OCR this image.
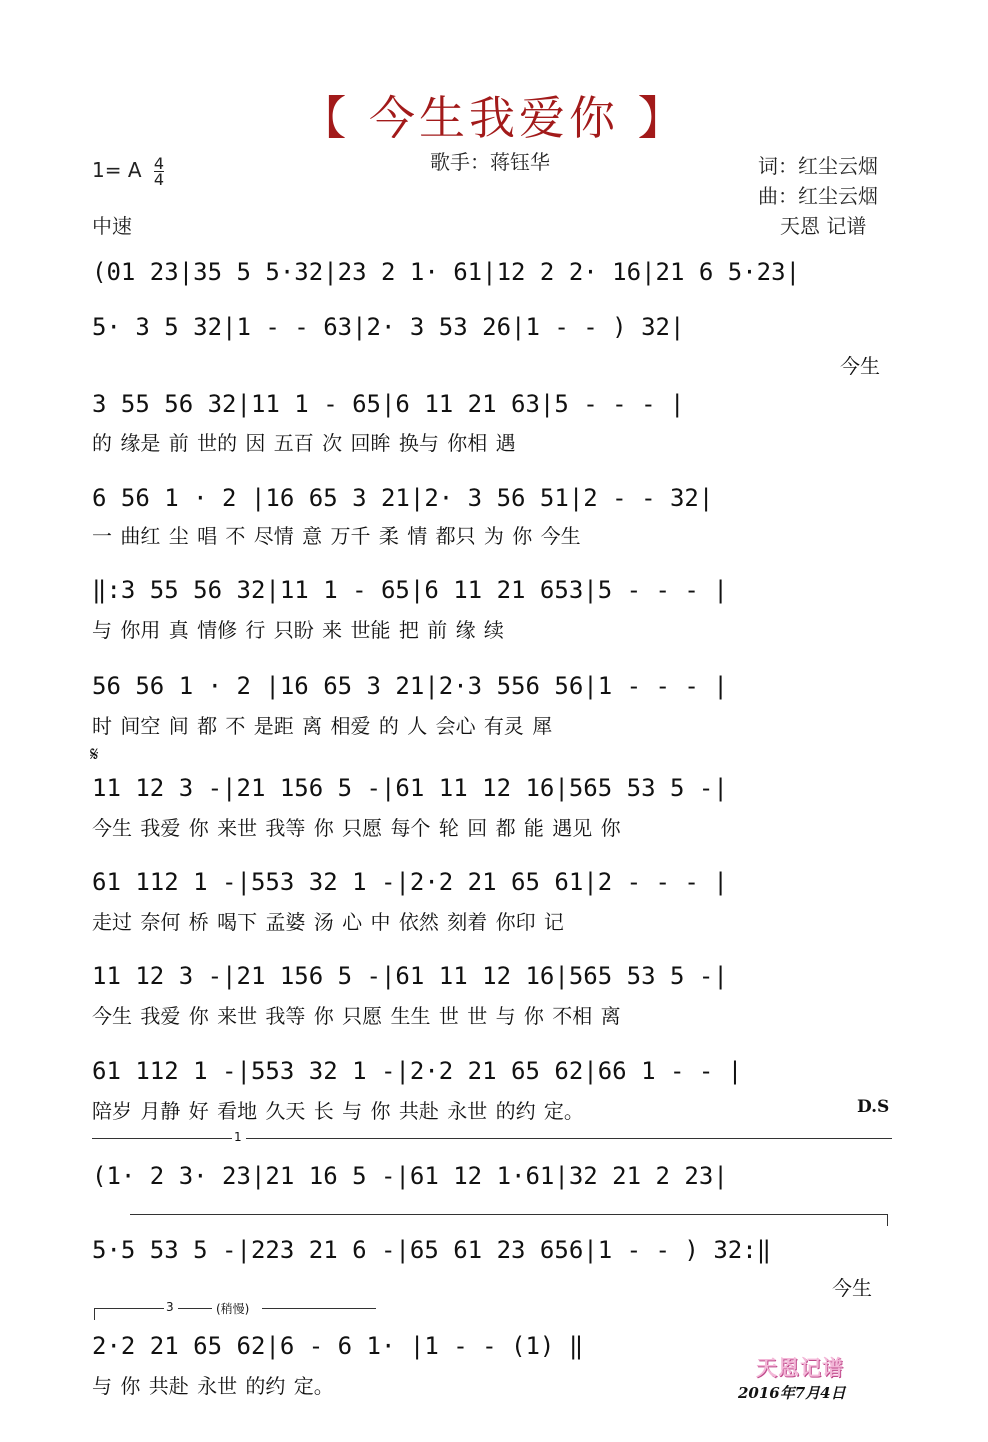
【 今生我爱你 】
1= A $\frac{4}{4}$	歌手：蒋钰华	词：红尘云烟
曲：红尘云烟
天恩 记谱
中速
(01 23|35 5 5·32|23 2 1· 61|12 2 2· 16|21 6 5·23|
5· 3 5 32|1 - - 63|2· 3 53 26|1 - - ) 32|
今生
3 55 56 32|11 1 - 65|6 11 21 63|5 - - - |
的 缘是 前 世的 因 五百 次 回眸 换与 你相 遇
6 56 1 · 2 |16 65 3 21|2· 3 56 51|2 - - 32|
一 曲红 尘 唱 不 尽情 意 万千 柔 情 都只 为 你 今生
‖:3 55 56 32|11 1 - 65|6 11 21 653|5 - - - |
与 你用 真 情修 行 只盼 来 世能 把 前 缘 续
56 56 1 · 2 |16 65 3 21|2·3 556 56|1 - - - |
时 间空 间 都 不 是距 离 相爱 的 人 会心 有灵 犀
𝄋
11 12 3 -|21 156 5 -|61 11 12 16|565 53 5 -|
今生 我爱 你 来世 我等 你 只愿 每个 轮 回 都 能 遇见 你
61 112 1 -|553 32 1 -|2·2 21 65 61|2 - - - |
走过 奈何 桥 喝下 孟婆 汤 心 中 依然 刻着 你印 记
11 12 3 -|21 156 5 -|61 11 12 16|565 53 5 -|
今生 我爱 你 来世 我等 你 只愿 生生 世 世 与 你 不相 离
61 112 1 -|553 32 1 -|2·2 21 65 62|66 1 - - |
陪岁 月静 好 看地 久天 长 与 你 共赴 永世 的约 定。	D.S
1
(1· 2 3· 23|21 16 5 -|61 12 1·61|32 21 2 23|
5·5 53 5 -|223 21 6 -|65 61 23 656|1 - - ) 32:‖
今生
3	(稍慢)
2·2 21 65 62|6 - 6 1· |1 - - (1) ‖
与 你 共赴 永世 的约 定。
天恩记谱
2016年7月4日
